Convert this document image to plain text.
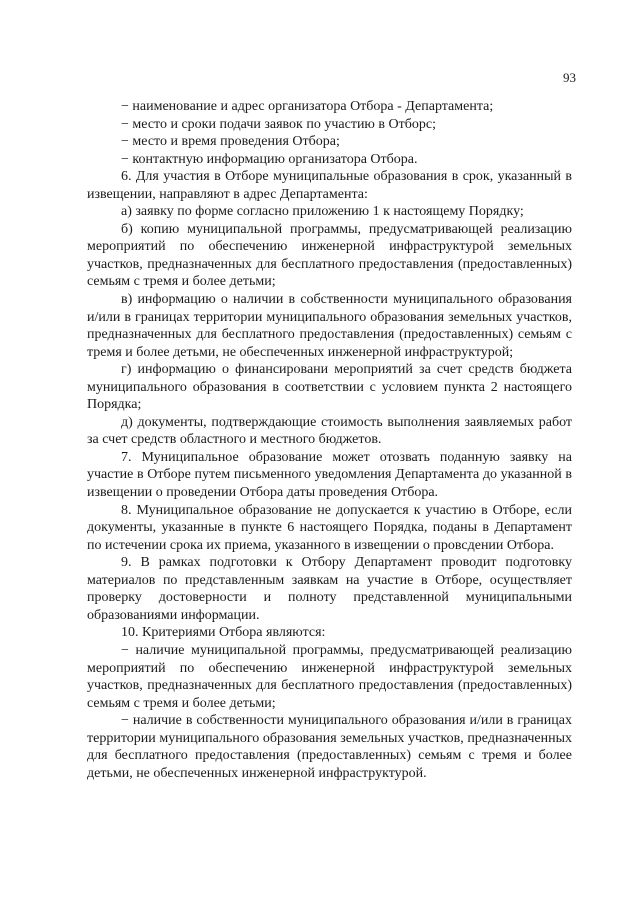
93

− наименование и адрес организатора Отбора - Департамента;

− место и сроки подачи заявок по участию в Отборс;

− место и время проведения Отбора;

− контактную информацию организатора Отбора.

6. Для участия в Отборе муниципальные образования в срок, указанный в извещении, направляют в адрес Департамента:

а) заявку по форме согласно приложению 1 к настоящему Порядку;

б) копию муниципальной программы, предусматривающей реализацию мероприятий по обеспечению инженерной инфраструктурой земельных участков, предназначенных для бесплатного предоставления (предоставленных) семьям с тремя и более детьми;

в) информацию о наличии в собственности муниципального образования и/или в границах территории муниципального образования земельных участков, предназначенных для бесплатного предоставления (предоставленных) семьям с тремя и более детьми, не обеспеченных инженерной инфраструктурой;

г) информацию о финансировани мероприятий за счет средств бюджета муниципального образования в соответствии с условием пункта 2 настоящего Порядка;

д) документы, подтверждающие стоимость выполнения заявляемых работ за счет средств областного и местного бюджетов.

7. Муниципальное образование может отозвать поданную заявку на участие в Отборе путем письменного уведомления Департамента до указанной в извещении о проведении Отбора даты проведения Отбора.

8. Муниципальное образование не допускается к участию в Отборе, если документы, указанные в пункте 6 настоящего Порядка, поданы в Департамент по истечении срока их приема, указанного в извещении о провсдении Отбора.

9. В рамках подготовки к Отбору Департамент проводит подготовку материалов по представленным заявкам на участие в Отборе, осуществляет проверку достоверности и полноту представленной муниципальными образованиями информации.

10. Критериями Отбора являются:

− наличие муниципальной программы, предусматривающей реализацию мероприятий по обеспечению инженерной инфраструктурой земельных участков, предназначенных для бесплатного предоставления (предоставленных) семьям с тремя и более детьми;

− наличие в собственности муниципального образования и/или в границах территории муниципального образования земельных участков, предназначенных для бесплатного предоставления (предоставленных) семьям с тремя и более детьми, не обеспеченных инженерной инфраструктурой.
